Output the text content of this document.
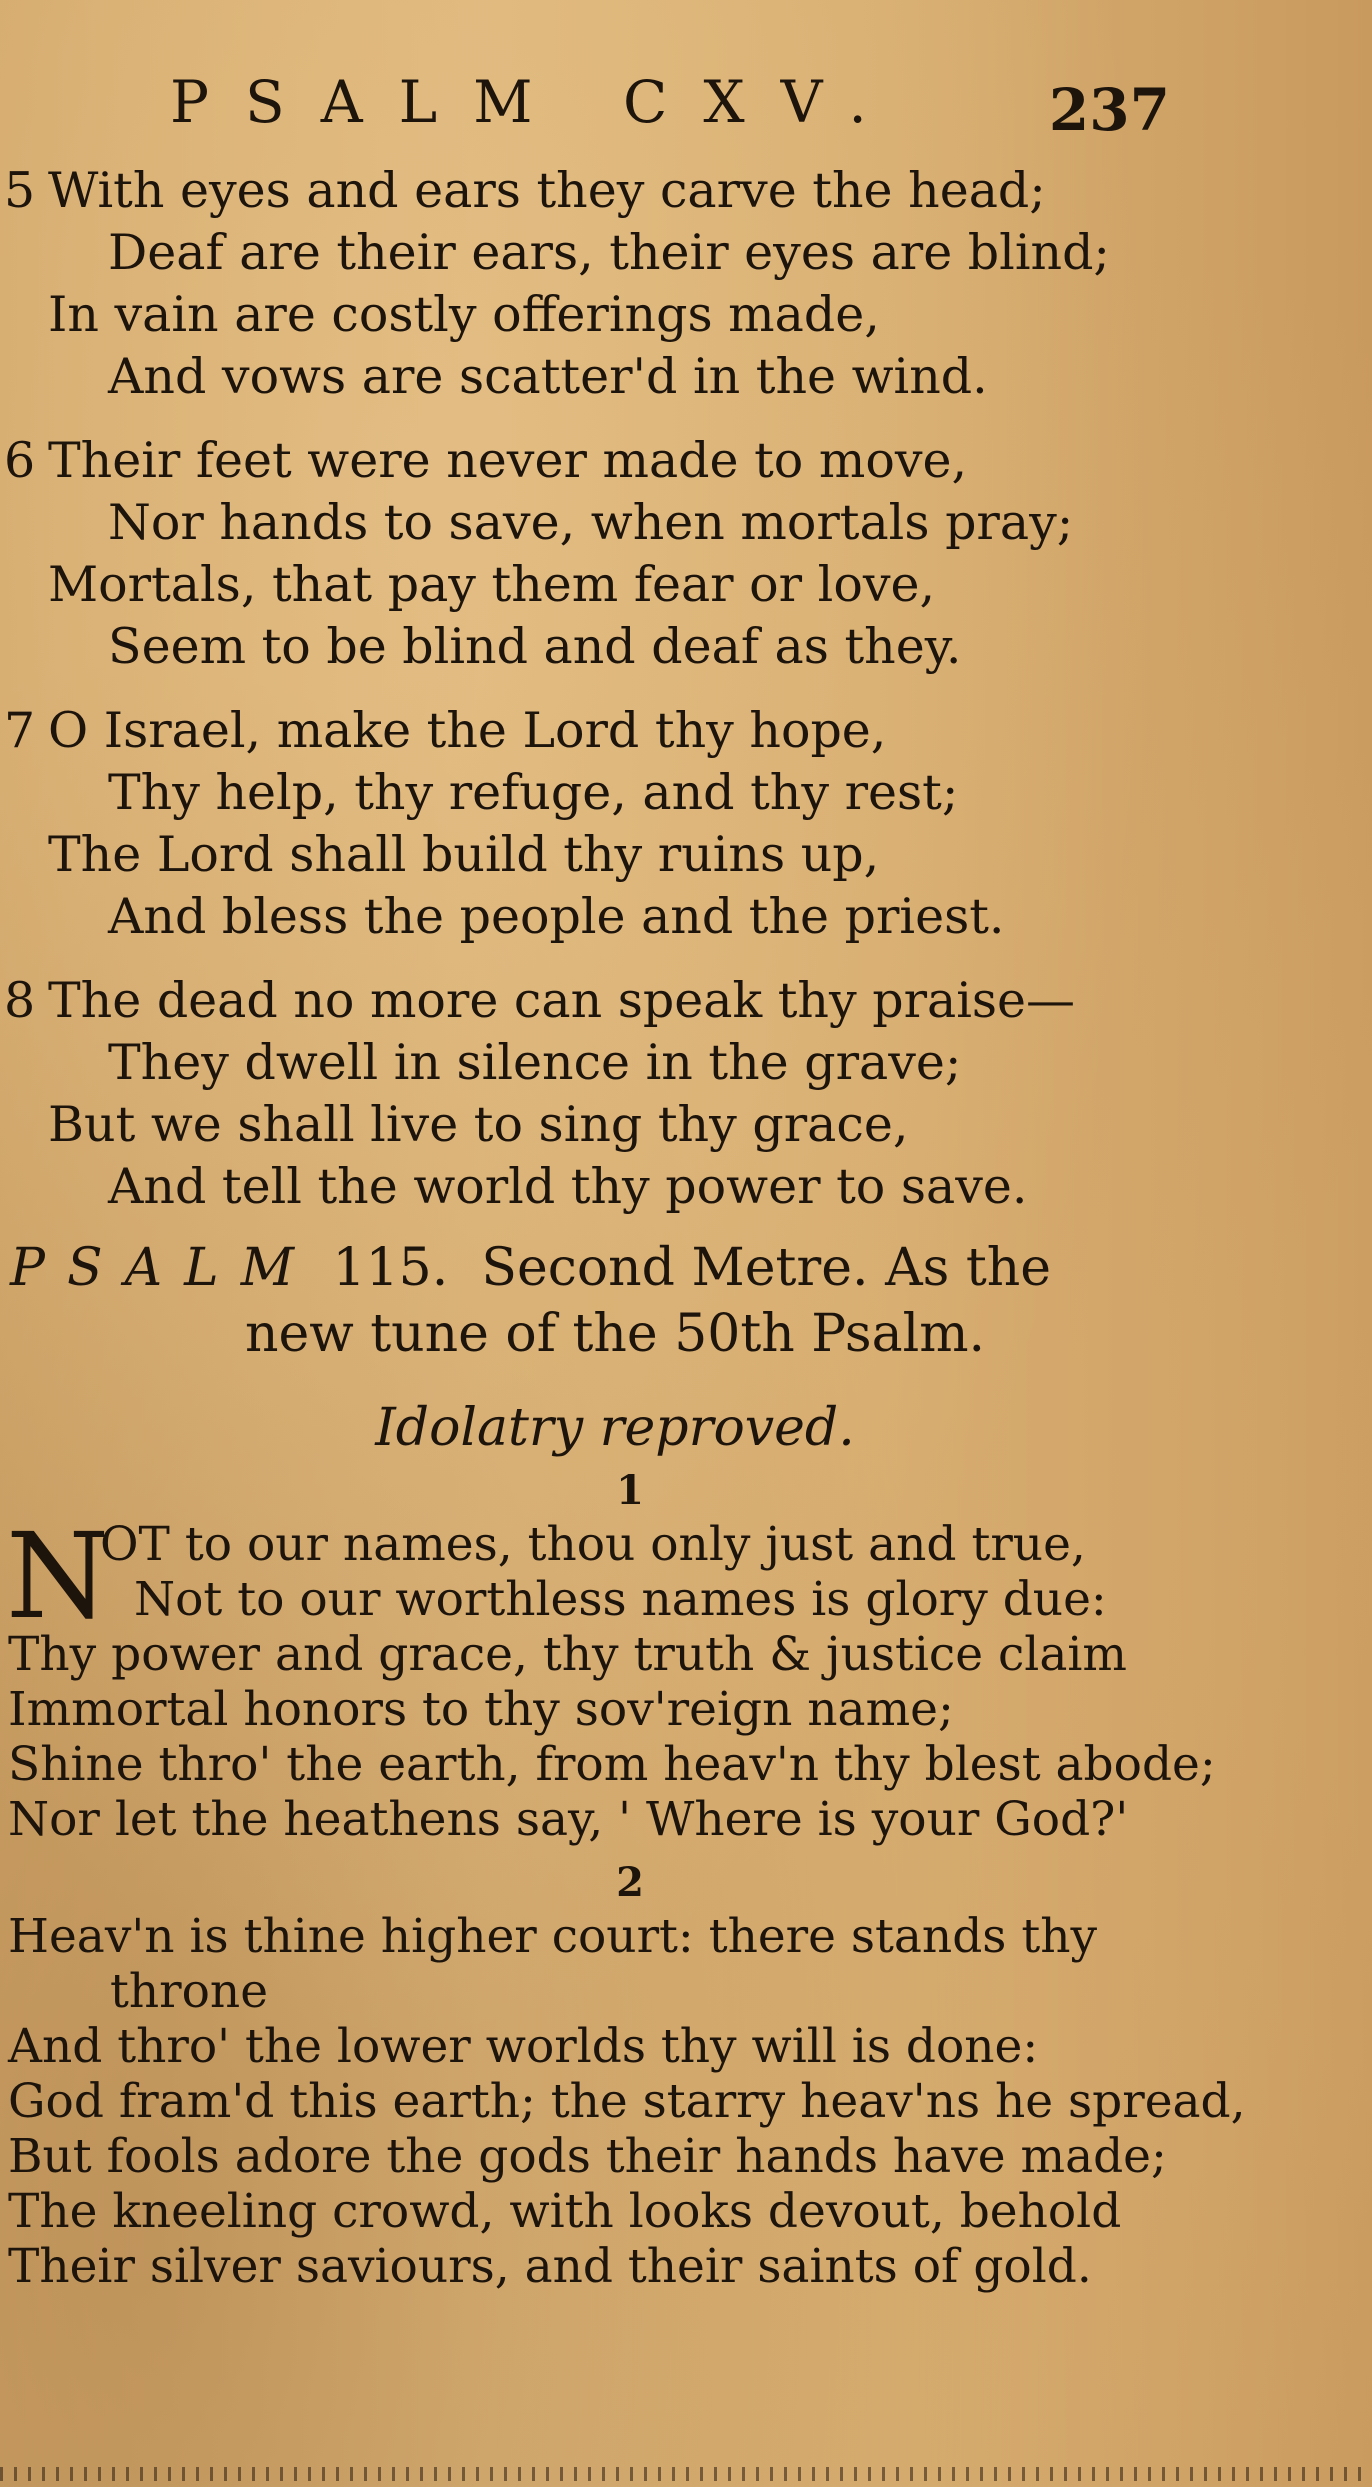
PSALM CXV.	237
5 With eyes and ears they carve the head;
Deaf are their ears, their eyes are blind;
In vain are costly offerings made,
And vows are scatter'd in the wind.
6 Their feet were never made to move,
Nor hands to save, when mortals pray;
Mortals, that pay them fear or love,
Seem to be blind and deaf as they.
7 O Israel, make the Lord thy hope,
Thy help, thy refuge, and thy rest;
The Lord shall build thy ruins up,
And bless the people and the priest.
8 The dead no more can speak thy praise—
They dwell in silence in the grave;
But we shall live to sing thy grace,
And tell the world thy power to save.
PSALM 115. Second Metre. As the
new tune of the 50th Psalm.
Idolatry reproved.
1
N
OT to our names, thou only just and true,
Not to our worthless names is glory due:
Thy power and grace, thy truth & justice claim
Immortal honors to thy sov'reign name;
Shine thro' the earth, from heav'n thy blest abode;
Nor let the heathens say, ' Where is your God?'
2
Heav'n is thine higher court: there stands thy
throne
And thro' the lower worlds thy will is done:
God fram'd this earth; the starry heav'ns he spread,
But fools adore the gods their hands have made;
The kneeling crowd, with looks devout, behold
Their silver saviours, and their saints of gold.
